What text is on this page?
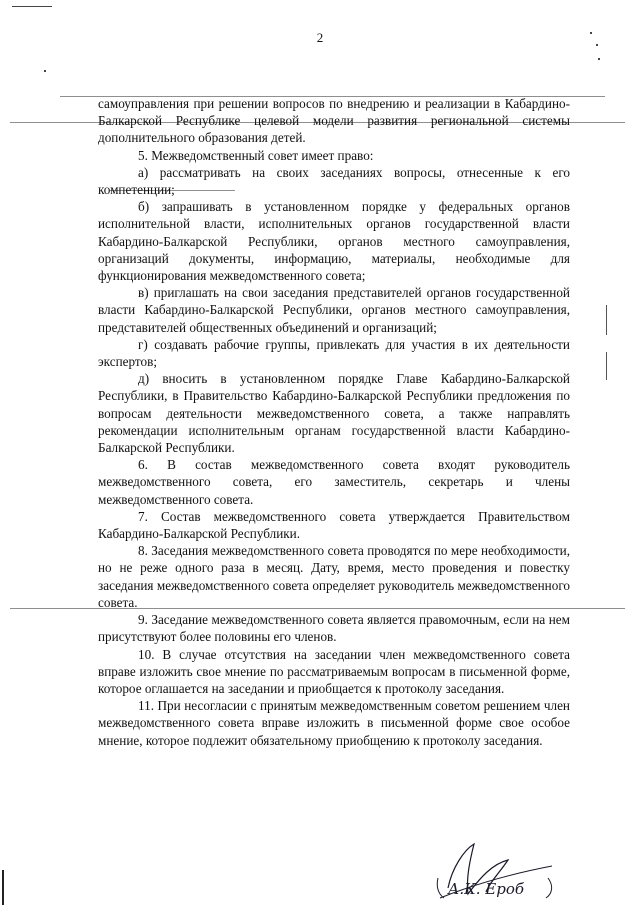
2

самоуправления при решении вопросов по внедрению и реализации в Кабардино-Балкарской Республике целевой модели развития региональной системы дополнительного образования детей.

5. Межведомственный совет имеет право:

а) рассматривать на своих заседаниях вопросы, отнесенные к его компетенции;

б) запрашивать в установленном порядке у федеральных органов исполнительной власти, исполнительных органов государственной власти Кабардино-Балкарской Республики, органов местного самоуправления, организаций документы, информацию, материалы, необходимые для функционирования межведомственного совета;

в) приглашать на свои заседания представителей органов государственной власти Кабардино-Балкарской Республики, органов местного самоуправления, представителей общественных объединений и организаций;

г) создавать рабочие группы, привлекать для участия в их деятельности экспертов;

д) вносить в установленном порядке Главе Кабардино-Балкарской Республики, в Правительство Кабардино-Балкарской Республики предложения по вопросам деятельности межведомственного совета, а также направлять рекомендации исполнительным органам государственной власти Кабардино-Балкарской Республики.

6. В состав межведомственного совета входят руководитель межведомственного совета, его заместитель, секретарь и члены межведомственного совета.

7. Состав межведомственного совета утверждается Правительством Кабардино-Балкарской Республики.

8. Заседания межведомственного совета проводятся по мере необходимости, но не реже одного раза в месяц. Дату, время, место проведения и повестку заседания межведомственного совета определяет руководитель межведомственного совета.

9. Заседание межведомственного совета является правомочным, если на нем присутствуют более половины его членов.

10. В случае отсутствия на заседании член межведомственного совета вправе изложить свое мнение по рассматриваемым вопросам в письменной форме, которое оглашается на заседании и приобщается к протоколу заседания.

11. При несогласии с принятым межведомственным советом решением член межведомственного совета вправе изложить в письменной форме свое особое мнение, которое подлежит обязательному приобщению к протоколу заседания.

А.К. Ероб
